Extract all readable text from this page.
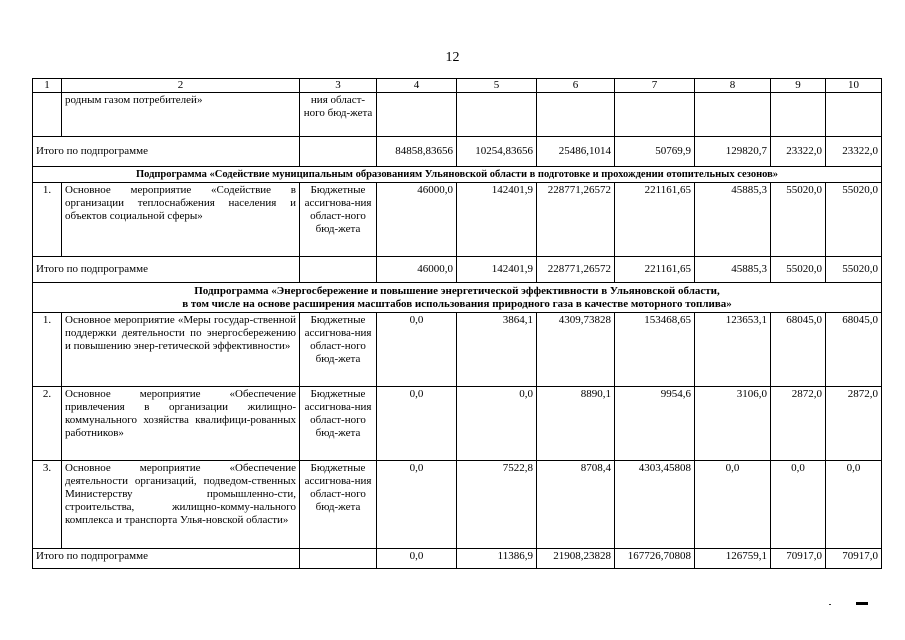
12
1	2	3	4	5	6	7	8	9	10
	родным газом потребителей»	ния област-ного бюд-жета							
Итого по подпрограмме			84858,83656	10254,83656	25486,1014	50769,9	129820,7	23322,0	23322,0
Подпрограмма «Содействие муниципальным образованиям Ульяновской области в подготовке и прохождении отопительных сезонов»									
1.	Основное мероприятие «Содействие в организации теплоснабжения населения и объектов социальной сферы»	Бюджетные ассигнова-ния област-ного бюд-жета	46000,0	142401,9	228771,26572	221161,65	45885,3	55020,0	55020,0
Итого по подпрограмме			46000,0	142401,9	228771,26572	221161,65	45885,3	55020,0	55020,0

Подпрограмма «Энергосбережение и повышение энергетической эффективности в Ульяновской области,
в том числе на основе расширения масштабов использования природного газа в качестве моторного топлива»									

1.	Основное мероприятие «Меры государ-ственной поддержки деятельности по энергосбережению и повышению энер-гетической эффективности»	Бюджетные ассигнова-ния област-ного бюд-жета	0,0	3864,1	4309,73828	153468,65	123653,1	68045,0	68045,0
2.	Основное мероприятие «Обеспечение привлечения в организации жилищно-коммунального хозяйства квалифици-рованных работников»	Бюджетные ассигнова-ния област-ного бюд-жета	0,0	0,0	8890,1	9954,6	3106,0	2872,0	2872,0
3.	Основное мероприятие «Обеспечение деятельности организаций, подведом-ственных Министерству промышленно-сти, строительства, жилищно-комму-нального комплекса и транспорта Улья-новской области»	Бюджетные ассигнова-ния област-ного бюд-жета	0,0	7522,8	8708,4	4303,45808	0,0	0,0	0,0
Итого по подпрограмме			0,0	11386,9	21908,23828	167726,70808	126759,1	70917,0	70917,0
